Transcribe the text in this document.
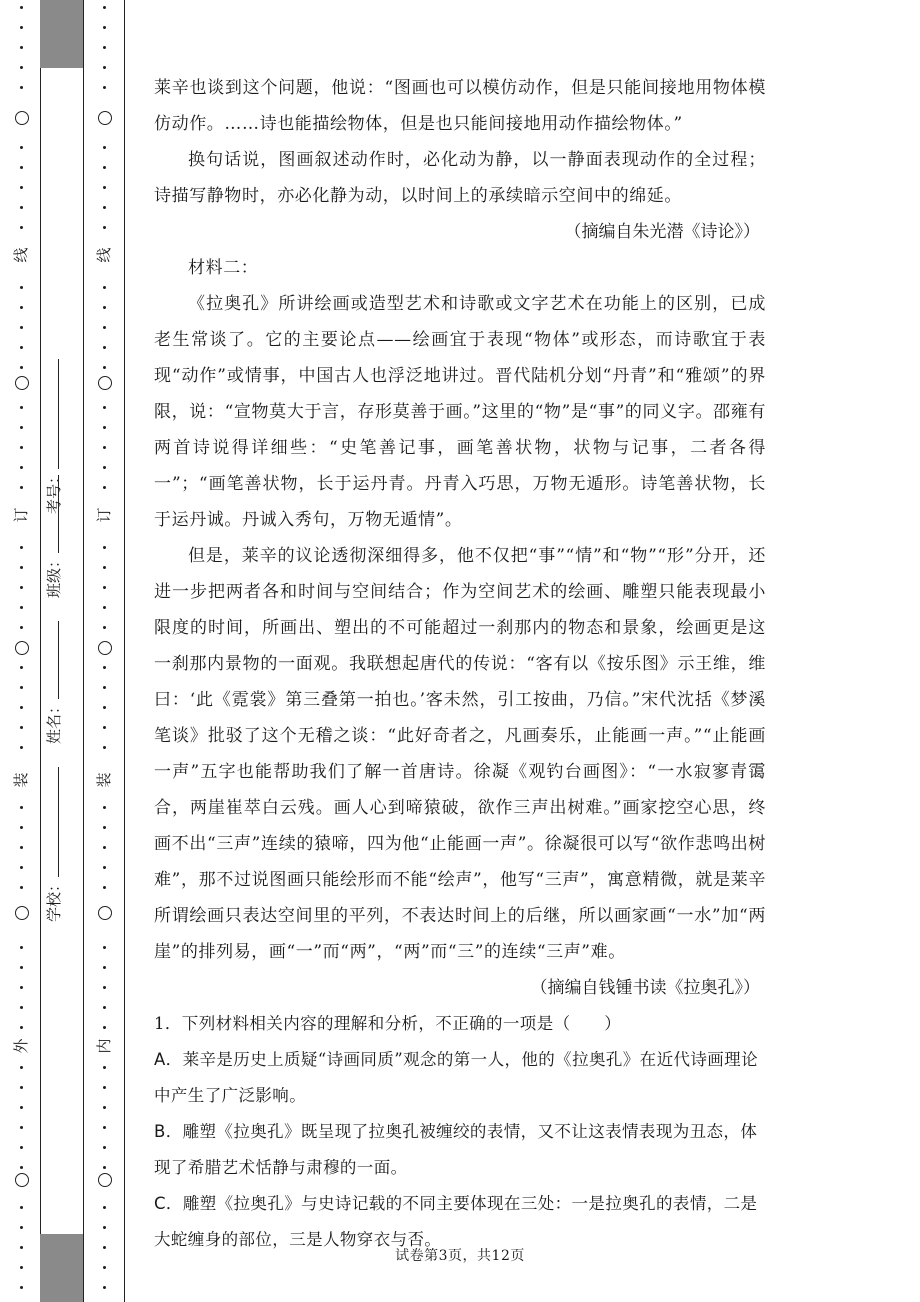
线
订
装
外
线
订
装
内
学校：
姓名：
班级：
考号：

莱辛也谈到这个问题，他说：“图画也可以模仿动作，但是只能间接地用物体模仿动作。……诗也能描绘物体，但是也只能间接地用动作描绘物体。”

换句话说，图画叙述动作时，必化动为静，以一静面表现动作的全过程；诗描写静物时，亦必化静为动，以时间上的承续暗示空间中的绵延。

（摘编自朱光潜《诗论》）

材料二：

《拉奥孔》所讲绘画或造型艺术和诗歌或文字艺术在功能上的区别，已成老生常谈了。它的主要论点——绘画宜于表现“物体”或形态，而诗歌宜于表现“动作”或情事，中国古人也浮泛地讲过。晋代陆机分划“丹青”和“雅颂”的界限，说：“宣物莫大于言，存形莫善于画。”这里的“物”是“事”的同义字。邵雍有两首诗说得详细些：“史笔善记事，画笔善状物，状物与记事，二者各得一”；“画笔善状物，长于运丹青。丹青入巧思，万物无遁形。诗笔善状物，长于运丹诚。丹诚入秀句，万物无遁情”。

但是，莱辛的议论透彻深细得多，他不仅把“事”“情”和“物”“形”分开，还进一步把两者各和时间与空间结合；作为空间艺术的绘画、雕塑只能表现最小限度的时间，所画出、塑出的不可能超过一刹那内的物态和景象，绘画更是这一刹那内景物的一面观。我联想起唐代的传说：“客有以《按乐图》示王维，维曰：‘此《霓裳》第三叠第一拍也。’客未然，引工按曲，乃信。”宋代沈括《梦溪笔谈》批驳了这个无稽之谈：“此好奇者之，凡画奏乐，止能画一声。”“止能画一声”五字也能帮助我们了解一首唐诗。徐凝《观钓台画图》：“一水寂寥青霭合，两崖崔萃白云残。画人心到啼猿破，欲作三声出树难。”画家挖空心思，终画不出“三声”连续的猿啼，四为他“止能画一声”。徐凝很可以写“欲作悲鸣出树难”，那不过说图画只能绘形而不能“绘声”，他写“三声”，寓意精微，就是莱辛所谓绘画只表达空间里的平列，不表达时间上的后继，所以画家画“一水”加“两崖”的排列易，画“一”而“两”，“两”而“三”的连续“三声”难。

（摘编自钱锺书读《拉奥孔》）

1．下列材料相关内容的理解和分析，不正确的一项是（　　）

A．莱辛是历史上质疑“诗画同质”观念的第一人，他的《拉奥孔》在近代诗画理论中产生了广泛影响。

B．雕塑《拉奥孔》既呈现了拉奥孔被缠绞的表情，又不让这表情表现为丑态，体现了希腊艺术恬静与肃穆的一面。

C．雕塑《拉奥孔》与史诗记载的不同主要体现在三处：一是拉奥孔的表情，二是大蛇缠身的部位，三是人物穿衣与否。

试卷第3页，共12页
